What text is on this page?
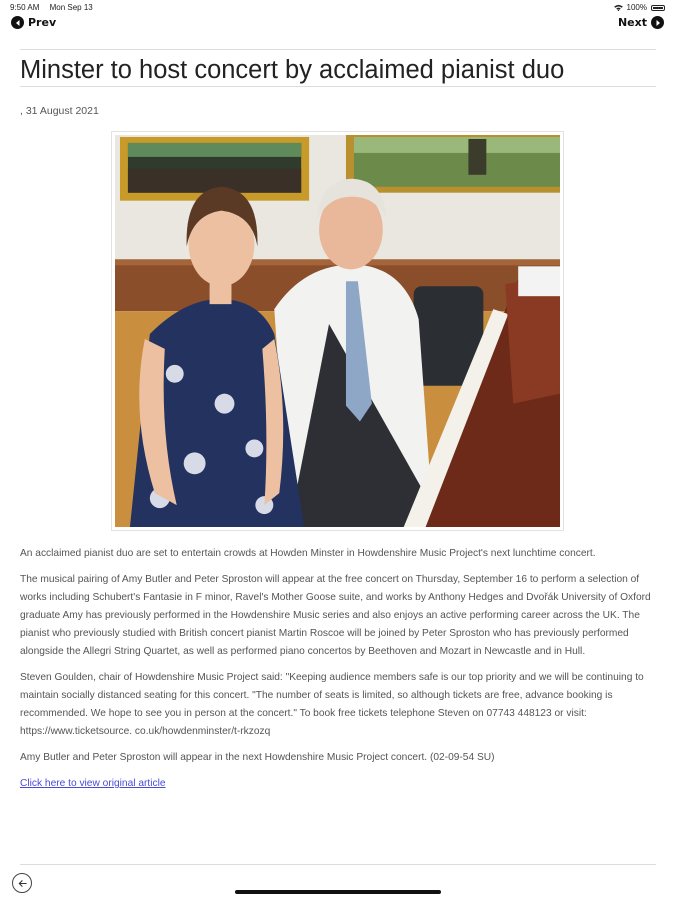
9:50 AM Mon Sep 13	100%
Prev	Next
Minster to host concert by acclaimed pianist duo
, 31 August 2021

An acclaimed pianist duo are set to entertain crowds at Howden Minster in Howdenshire Music Project's next lunchtime concert.

The musical pairing of Amy Butler and Peter Sproston will appear at the free concert on Thursday, September 16 to perform a selection of works including Schubert's Fantasie in F minor, Ravel's Mother Goose suite, and works by Anthony Hedges and Dvořák University of Oxford graduate Amy has previously performed in the Howdenshire Music series and also enjoys an active performing career across the UK. The pianist who previously studied with British concert pianist Martin Roscoe will be joined by Peter Sproston who has previously performed alongside the Allegri String Quartet, as well as performed piano concertos by Beethoven and Mozart in Newcastle and in Hull.

Steven Goulden, chair of Howdenshire Music Project said: "Keeping audience members safe is our top priority and we will be continuing to maintain socially distanced seating for this concert. "The number of seats is limited, so although tickets are free, advance booking is recommended. We hope to see you in person at the concert." To book free tickets telephone Steven on 07743 448123 or visit: https://www.ticketsource. co.uk/howdenminster/t-rkzozq

Amy Butler and Peter Sproston will appear in the next Howdenshire Music Project concert. (02-09-54 SU)

Click here to view original article
